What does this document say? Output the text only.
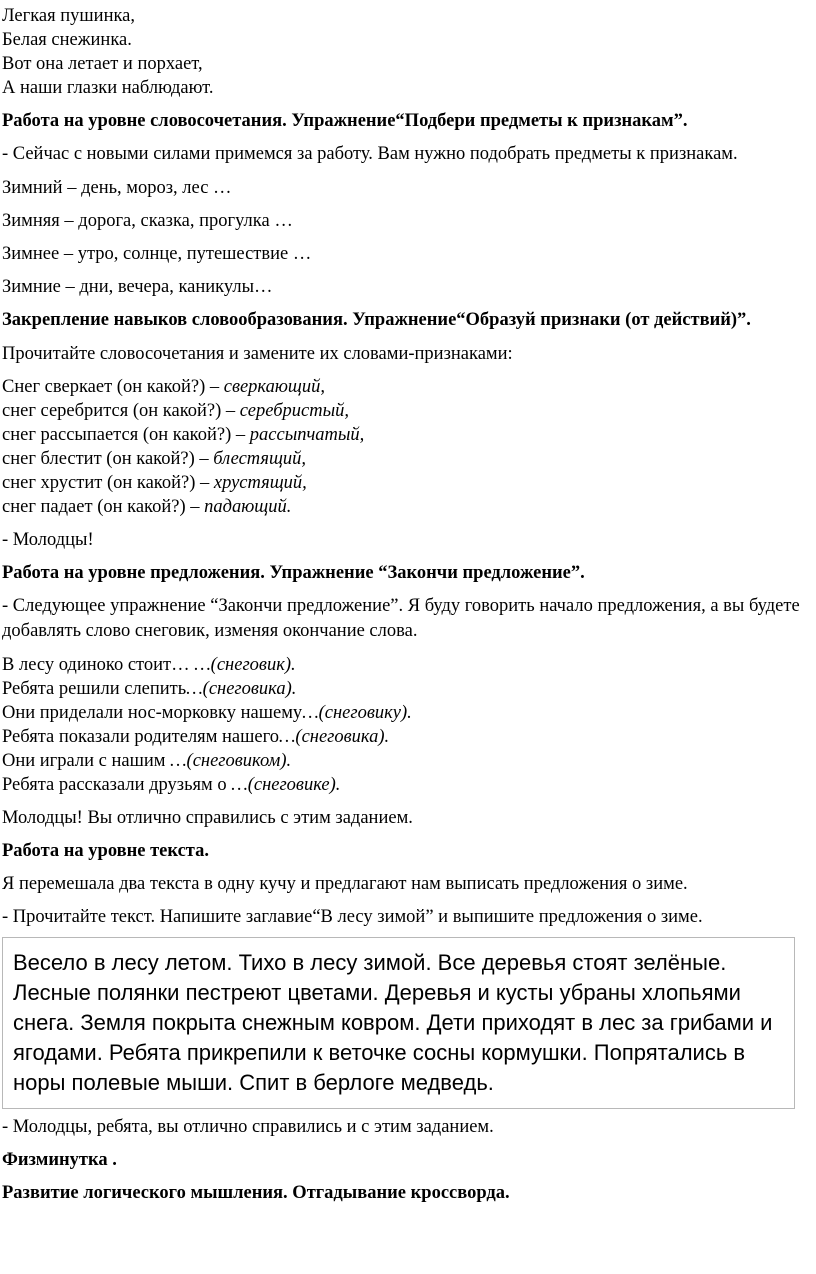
Легкая пушинка,
Белая снежинка.
Вот она летает и порхает,
А наши глазки наблюдают.
Работа на уровне словосочетания. Упражнение“Подбери предметы к признакам”.
- Сейчас с новыми силами примемся за работу. Вам нужно подобрать предметы к признакам.
Зимний – день, мороз, лес …
Зимняя – дорога, сказка, прогулка …
Зимнее – утро, солнце, путешествие …
Зимние – дни, вечера, каникулы…
Закрепление навыков словообразования. Упражнение“Образуй признаки (от действий)”.
Прочитайте словосочетания и замените их словами-признаками:
Снег сверкает (он какой?) – сверкающий,
снег серебрится (он какой?) – серебристый,
снег рассыпается (он какой?) – рассыпчатый,
снег блестит (он какой?) – блестящий,
снег хрустит (он какой?) – хрустящий,
снег падает (он какой?) – падающий.
- Молодцы!
Работа на уровне предложения. Упражнение “Закончи предложение”.
- Следующее упражнение “Закончи предложение”. Я буду говорить начало предложения, а вы будете добавлять слово снеговик, изменяя окончание слова.
В лесу одиноко стоит… …(снеговик).
Ребята решили слепить…(снеговика).
Они приделали нос-морковку нашему…(снеговику).
Ребята показали родителям нашего…(снеговика).
Они играли с нашим …(снеговиком).
Ребята рассказали друзьям о …(снеговике).
Молодцы! Вы отлично справились с этим заданием.
Работа на уровне текста.
Я перемешала два текста в одну кучу и предлагают нам выписать предложения о зиме.
- Прочитайте текст. Напишите заглавие“В лесу зимой” и выпишите предложения о зиме.
Весело в лесу летом. Тихо в лесу зимой. Все деревья стоят зелёные. Лесные полянки пестреют цветами. Деревья и кусты убраны хлопьями снега. Земля покрыта снежным ковром. Дети приходят в лес за грибами и ягодами. Ребята прикрепили к веточке сосны кормушки. Попрятались в норы полевые мыши. Спит в берлоге медведь.
- Молодцы, ребята, вы отлично справились и с этим заданием.
Физминутка .
Развитие логического мышления. Отгадывание кроссворда.
